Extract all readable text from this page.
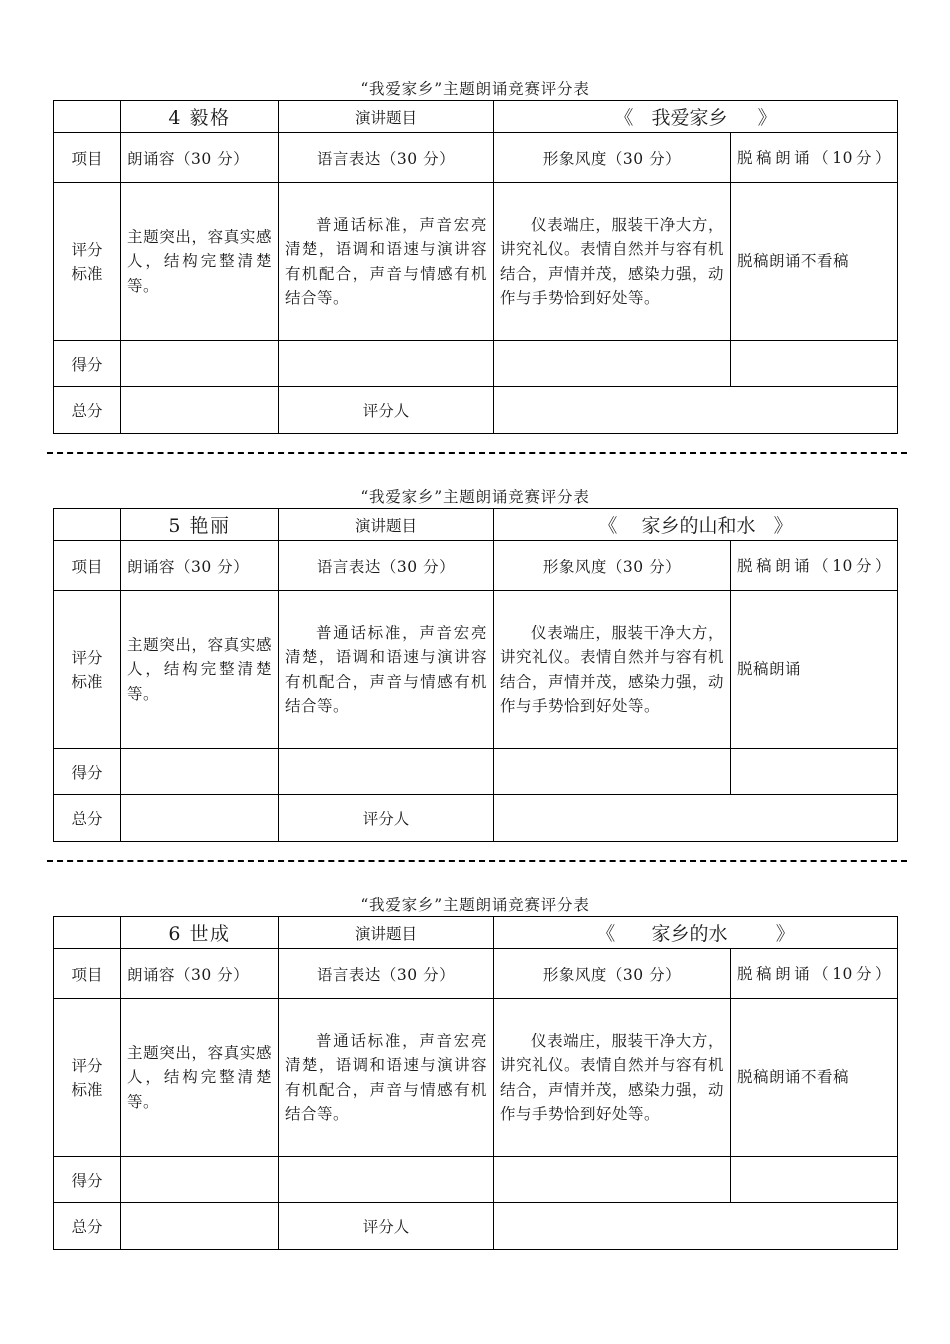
“我爱家乡”主题朗诵竞赛评分表
	4 毅格	演讲题目	《   我爱家乡     》	
项目	朗诵容（30 分）	语言表达（30 分）	形象风度（30 分）	脱稿朗诵（10分）
评分
标准	主题突出，容真实感人，结构完整清楚等。	普通话标准，声音宏亮清楚，语调和语速与演讲容有机配合，声音与情感有机结合等。	仪表端庄，服装干净大方，讲究礼仪。表情自然并与容有机结合，声情并茂，感染力强，动作与手势恰到好处等。	脱稿朗诵不看稿
得分				
总分		评分人		
“我爱家乡”主题朗诵竞赛评分表
	5 艳丽	演讲题目	《    家乡的山和水   》	
项目	朗诵容（30 分）	语言表达（30 分）	形象风度（30 分）	脱稿朗诵（10分）
评分
标准	主题突出，容真实感人，结构完整清楚等。	普通话标准，声音宏亮清楚，语调和语速与演讲容有机配合，声音与情感有机结合等。	仪表端庄，服装干净大方，讲究礼仪。表情自然并与容有机结合，声情并茂，感染力强，动作与手势恰到好处等。	脱稿朗诵
得分				
总分		评分人		
“我爱家乡”主题朗诵竞赛评分表
	6 世成	演讲题目	《      家乡的水        》	
项目	朗诵容（30 分）	语言表达（30 分）	形象风度（30 分）	脱稿朗诵（10分）
评分
标准	主题突出，容真实感人，结构完整清楚等。	普通话标准，声音宏亮清楚，语调和语速与演讲容有机配合，声音与情感有机结合等。	仪表端庄，服装干净大方，讲究礼仪。表情自然并与容有机结合，声情并茂，感染力强，动作与手势恰到好处等。	脱稿朗诵不看稿
得分				
总分		评分人		
